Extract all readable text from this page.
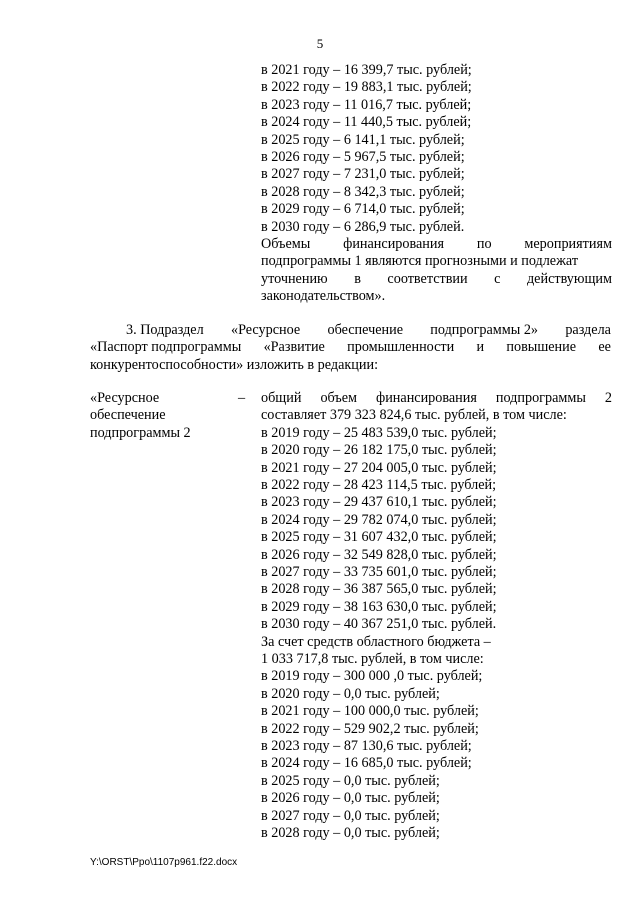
5
в 2021 году – 16 399,7 тыс. рублей;
в 2022 году – 19 883,1 тыс. рублей;
в 2023 году – 11 016,7 тыс. рублей;
в 2024 году – 11 440,5 тыс. рублей;
в 2025 году – 6 141,1 тыс. рублей;
в 2026 году – 5 967,5 тыс. рублей;
в 2027 году – 7 231,0 тыс. рублей;
в 2028 году – 8 342,3 тыс. рублей;
в 2029 году – 6 714,0 тыс. рублей;
в 2030 году – 6 286,9 тыс. рублей.
Объемы финансирования по мероприятиям
подпрограммы 1 являются прогнозными и подлежат
уточнению в соответствии с действующим
законодательством».
3. Подраздел «Ресурсное обеспечение подпрограммы 2» раздела
«Паспорт подпрограммы «Развитие промышленности и повышение ее
конкурентоспособности» изложить в редакции:
«Ресурсное
обеспечение
подпрограммы 2
– общий объем финансирования подпрограммы 2
составляет 379 323 824,6 тыс. рублей, в том числе:
в 2019 году – 25 483 539,0 тыс. рублей;
в 2020 году – 26 182 175,0 тыс. рублей;
в 2021 году – 27 204 005,0 тыс. рублей;
в 2022 году – 28 423 114,5 тыс. рублей;
в 2023 году – 29 437 610,1 тыс. рублей;
в 2024 году – 29 782 074,0 тыс. рублей;
в 2025 году – 31 607 432,0 тыс. рублей;
в 2026 году – 32 549 828,0 тыс. рублей;
в 2027 году – 33 735 601,0 тыс. рублей;
в 2028 году – 36 387 565,0 тыс. рублей;
в 2029 году – 38 163 630,0 тыс. рублей;
в 2030 году – 40 367 251,0 тыс. рублей.
За счет средств областного бюджета –
1 033 717,8 тыс. рублей, в том числе:
в 2019 году – 300 000 ,0 тыс. рублей;
в 2020 году – 0,0 тыс. рублей;
в 2021 году – 100 000,0 тыс. рублей;
в 2022 году – 529 902,2 тыс. рублей;
в 2023 году – 87 130,6 тыс. рублей;
в 2024 году – 16 685,0 тыс. рублей;
в 2025 году – 0,0 тыс. рублей;
в 2026 году – 0,0 тыс. рублей;
в 2027 году – 0,0 тыс. рублей;
в 2028 году – 0,0 тыс. рублей;
Y:\ORST\Ppo\1107p961.f22.docx
